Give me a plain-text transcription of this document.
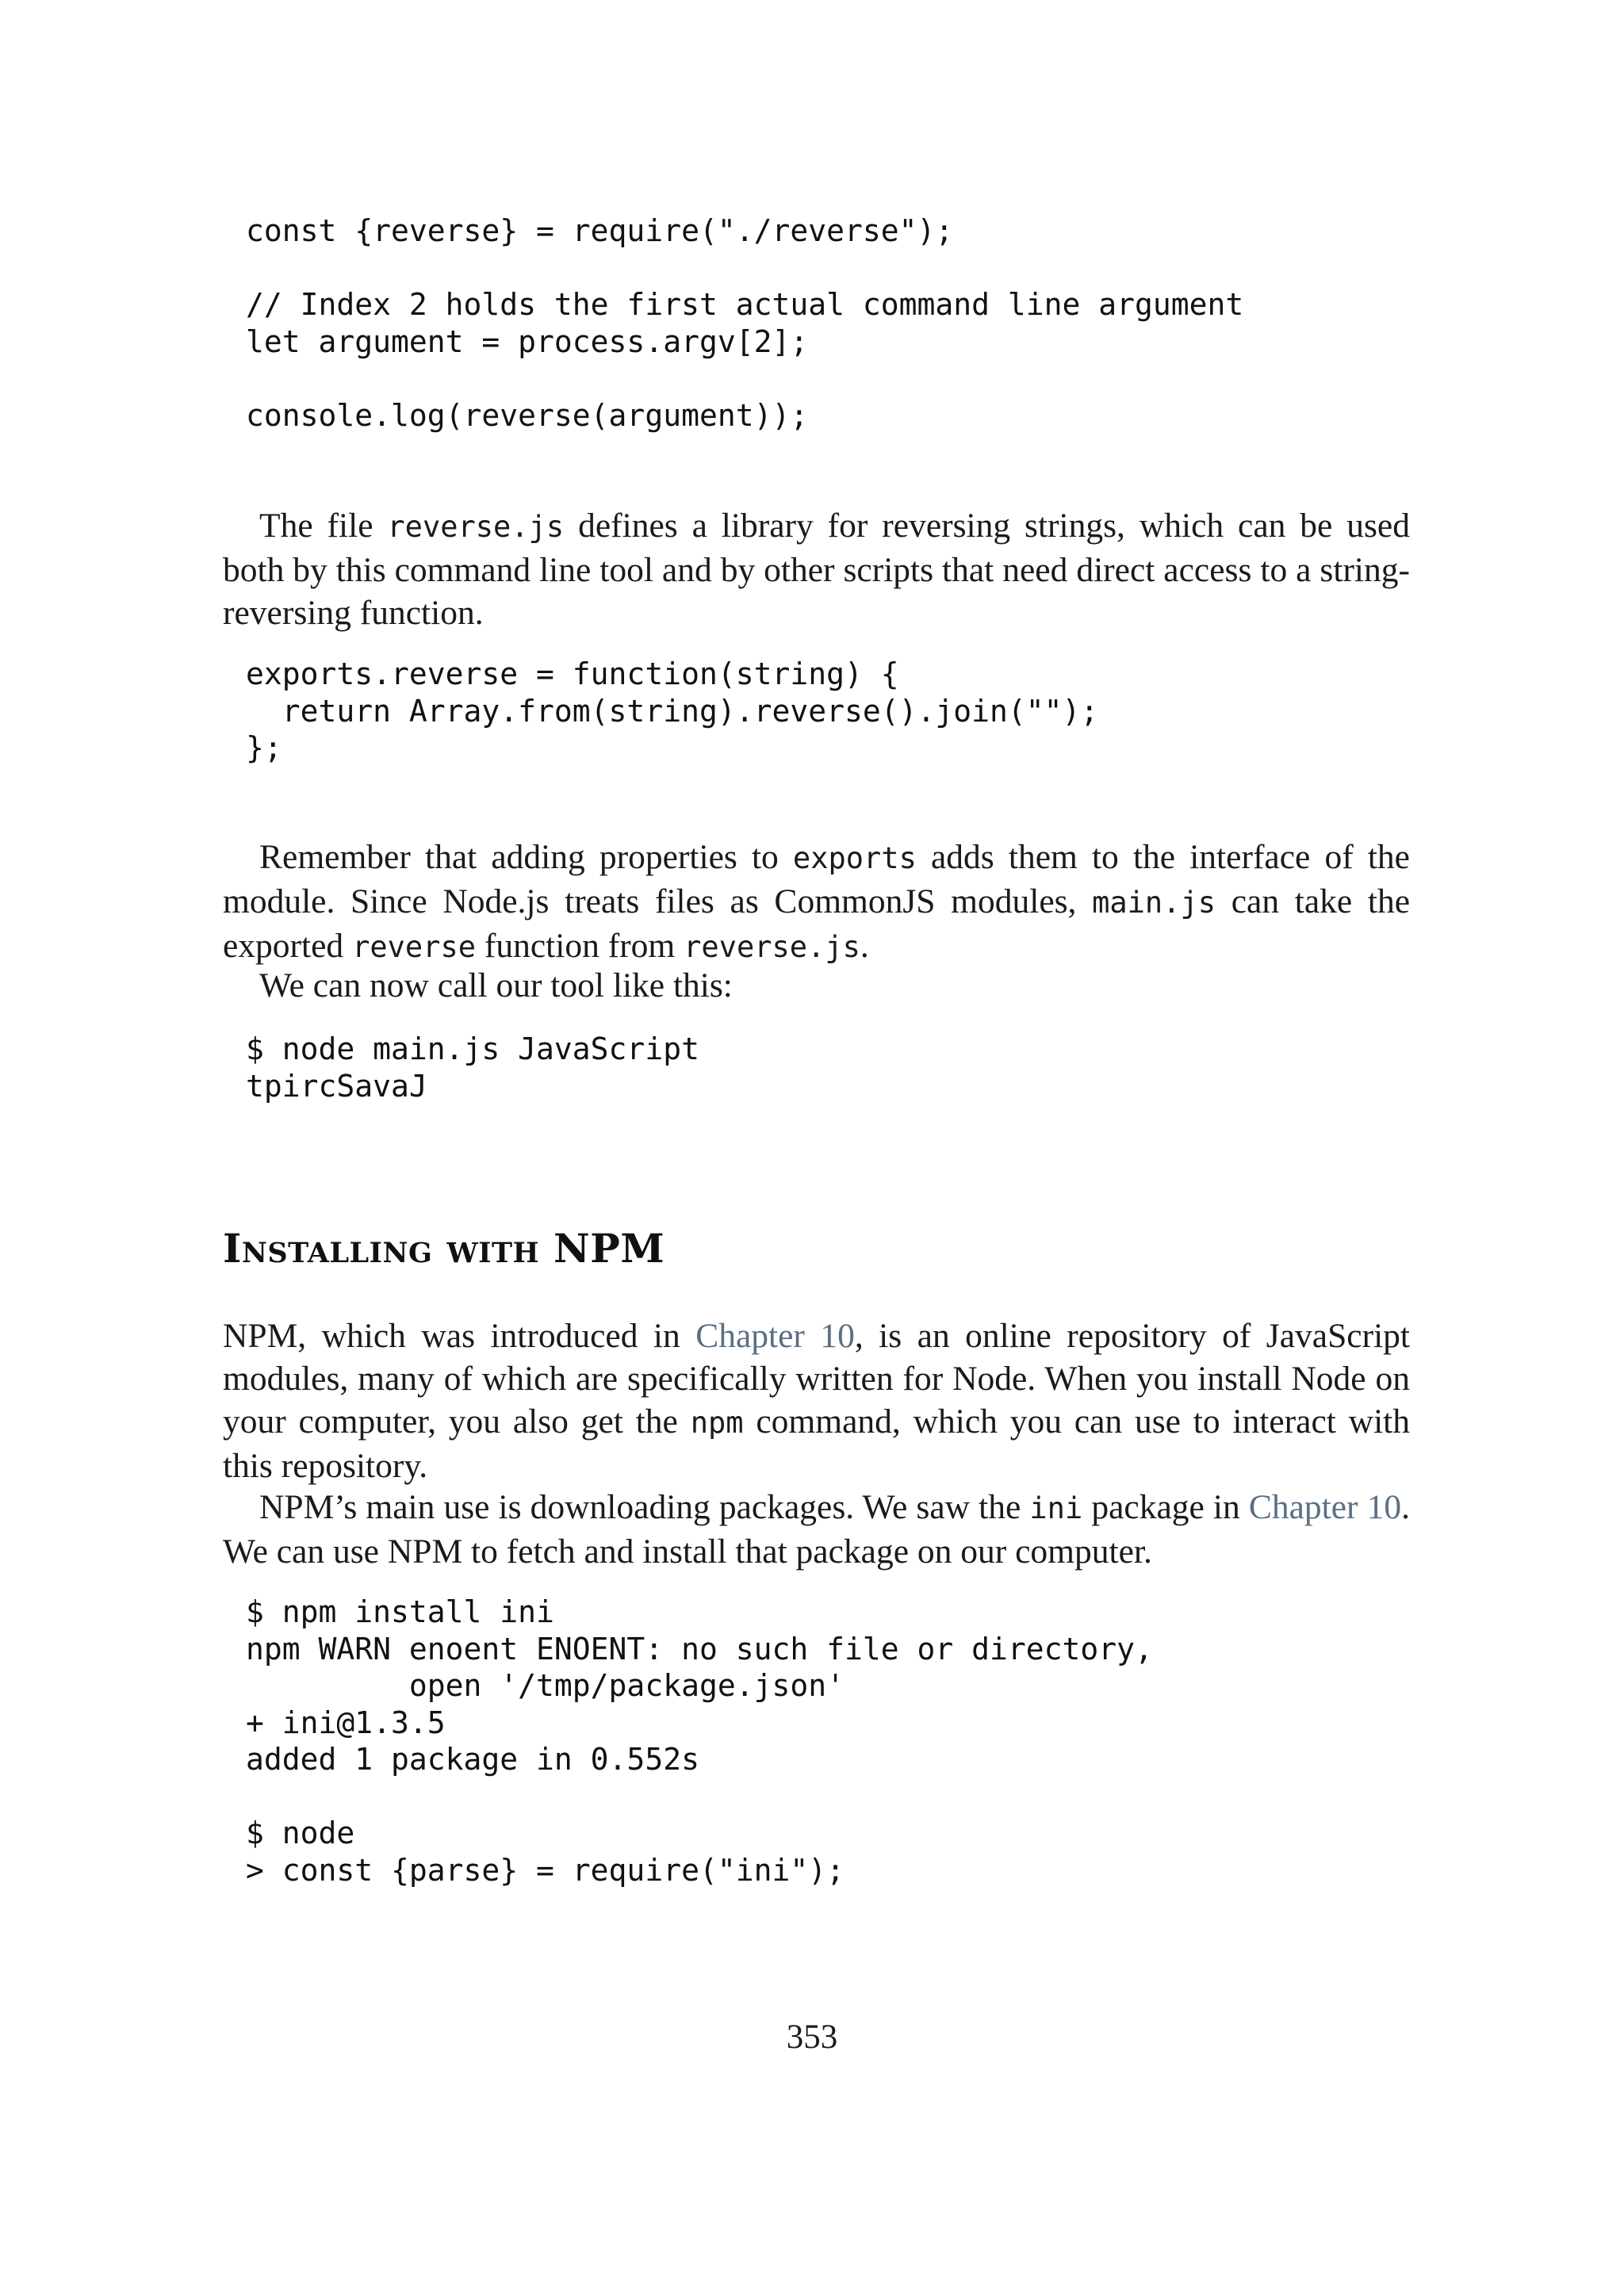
const {reverse} = require("./reverse");
// Index 2 holds the first actual command line argument
let argument = process.argv[2];
console.log(reverse(argument));

The file reverse.js defines a library for reversing strings, which can be used both by this command line tool and by other scripts that need direct access to a string-reversing function.

exports.reverse = function(string) {
return Array.from(string).reverse().join("");
};

Remember that adding properties to exports adds them to the interface of the module. Since Node.js treats files as CommonJS modules, main.js can take the exported reverse function from reverse.js.

We can now call our tool like this:

$ node main.js JavaScript
tpircSavaJ
Installing with NPM

NPM, which was introduced in Chapter 10, is an online repository of JavaScript modules, many of which are specifically written for Node. When you install Node on your computer, you also get the npm command, which you can use to interact with this repository.

NPM’s main use is downloading packages. We saw the ini package in Chapter 10. We can use NPM to fetch and install that package on our computer.

$ npm install ini
npm WARN enoent ENOENT: no such file or directory,
open '/tmp/package.json'
+ ini@1.3.5
added 1 package in 0.552s
$ node
> const {parse} = require("ini");
353
